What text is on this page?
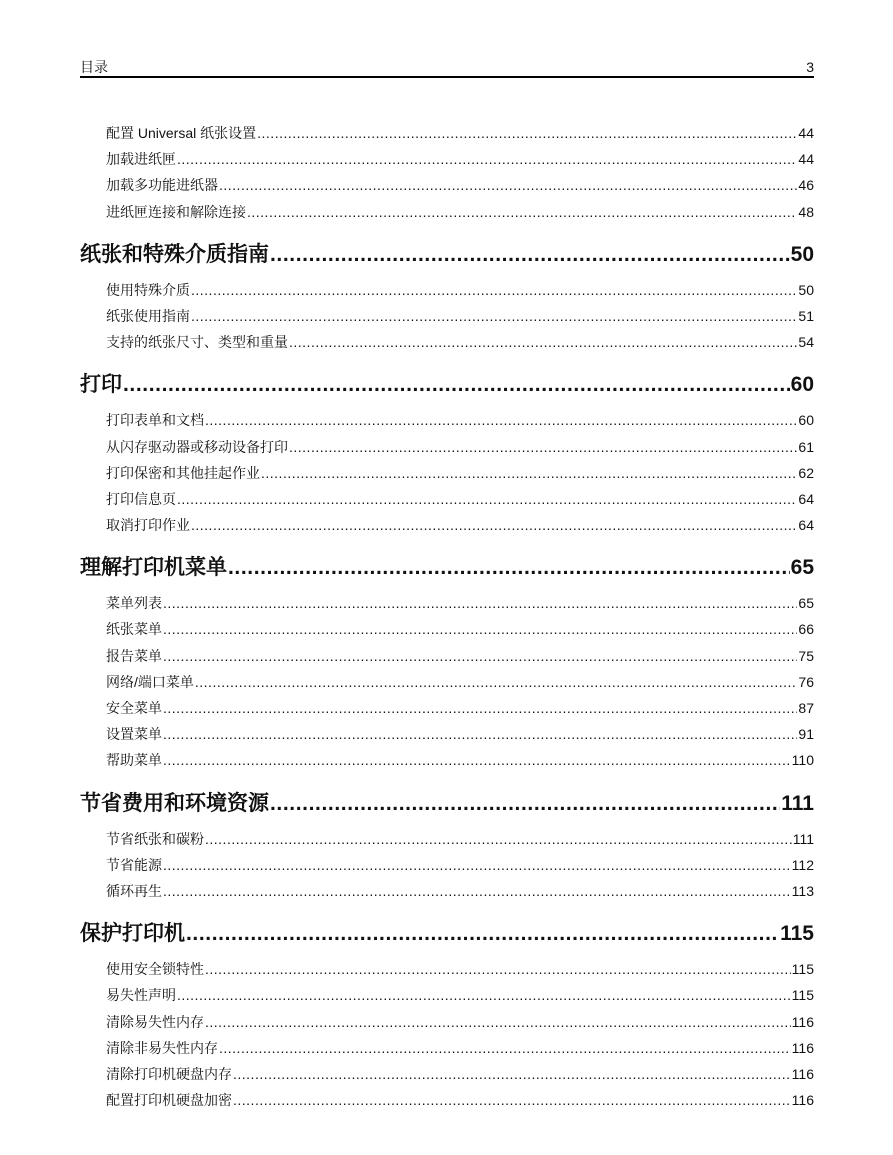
目录	3
配置 Universal 纸张设置 .....	44
加载进纸匣 .....	44
加载多功能进纸器 .....	46
进纸匣连接和解除连接 .....	48
纸张和特殊介质指南 .....	50
使用特殊介质 .....	50
纸张使用指南 .....	51
支持的纸张尺寸、类型和重量 .....	54
打印 .....	60
打印表单和文档 .....	60
从闪存驱动器或移动设备打印 .....	61
打印保密和其他挂起作业 .....	62
打印信息页 .....	64
取消打印作业 .....	64
理解打印机菜单 .....	65
菜单列表 .....	65
纸张菜单 .....	66
报告菜单 .....	75
网络/端口菜单 .....	76
安全菜单 .....	87
设置菜单 .....	91
帮助菜单 .....	110
节省费用和环境资源 .....	111
节省纸张和碳粉 .....	111
节省能源 .....	112
循环再生 .....	113
保护打印机 .....	115
使用安全锁特性 .....	115
易失性声明 .....	115
清除易失性内存 .....	116
清除非易失性内存 .....	116
清除打印机硬盘内存 .....	116
配置打印机硬盘加密 .....	116
